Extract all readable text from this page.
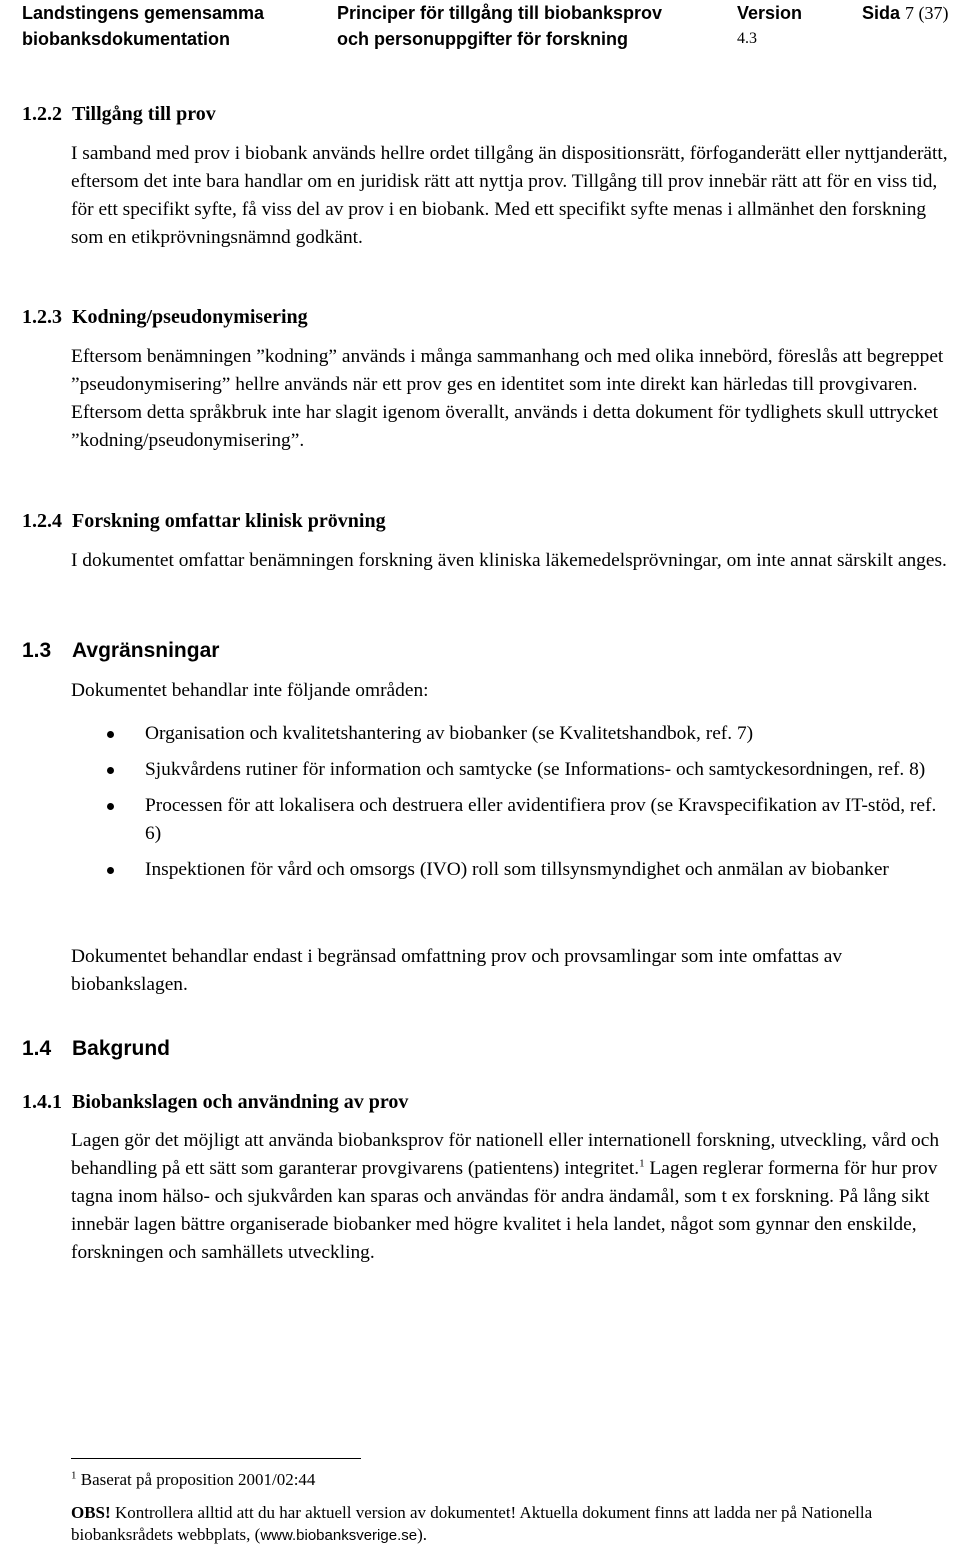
Landstingens gemensamma
biobanksdokumentation
Principer för tillgång till biobanksprov
och personuppgifter för forskning
Version
4.3
Sida 7 (37)
1.2.2 Tillgång till prov

I samband med prov i biobank används hellre ordet tillgång än dispositionsrätt, förfoganderätt eller nyttjanderätt, eftersom det inte bara handlar om en juridisk rätt att nyttja prov. Tillgång till prov innebär rätt att för en viss tid, för ett specifikt syfte, få viss del av prov i en biobank. Med ett specifikt syfte menas i allmänhet den forskning som en etikprövningsnämnd godkänt.

1.2.3 Kodning/pseudonymisering

Eftersom benämningen ”kodning” används i många sammanhang och med olika innebörd, föreslås att begreppet ”pseudonymisering” hellre används när ett prov ges en identitet som inte direkt kan härledas till provgivaren. Eftersom detta språkbruk inte har slagit igenom överallt, används i detta dokument för tydlighets skull uttrycket ”kodning/pseudonymisering”.

1.2.4 Forskning omfattar klinisk prövning

I dokumentet omfattar benämningen forskning även kliniska läkemedelsprövningar, om inte annat särskilt anges.

1.3 Avgränsningar

Dokumentet behandlar inte följande områden:

Organisation och kvalitetshantering av biobanker (se Kvalitetshandbok, ref. 7)
Sjukvårdens rutiner för information och samtycke (se Informations- och samtyckesordningen, ref. 8)
Processen för att lokalisera och destruera eller avidentifiera prov (se Kravspecifikation av IT-stöd, ref. 6)
Inspektionen för vård och omsorgs (IVO) roll som tillsynsmyndighet och anmälan av biobanker

Dokumentet behandlar endast i begränsad omfattning prov och provsamlingar som inte omfattas av biobankslagen.

1.4 Bakgrund
1.4.1 Biobankslagen och användning av prov

Lagen gör det möjligt att använda biobanksprov för nationell eller internationell forskning, utveckling, vård och behandling på ett sätt som garanterar provgivarens (patientens) integritet.$^1$ Lagen reglerar formerna för hur prov tagna inom hälso- och sjukvården kan sparas och användas för andra ändamål, som t ex forskning. På lång sikt innebär lagen bättre organiserade biobanker med högre kvalitet i hela landet, något som gynnar den enskilde, forskningen och samhällets utveckling.

$^1$ Baserat på proposition 2001/02:44
OBS! Kontrollera alltid att du har aktuell version av dokumentet! Aktuella dokument finns att ladda ner på Nationella biobanksrådets webbplats, (www.biobanksverige.se).
